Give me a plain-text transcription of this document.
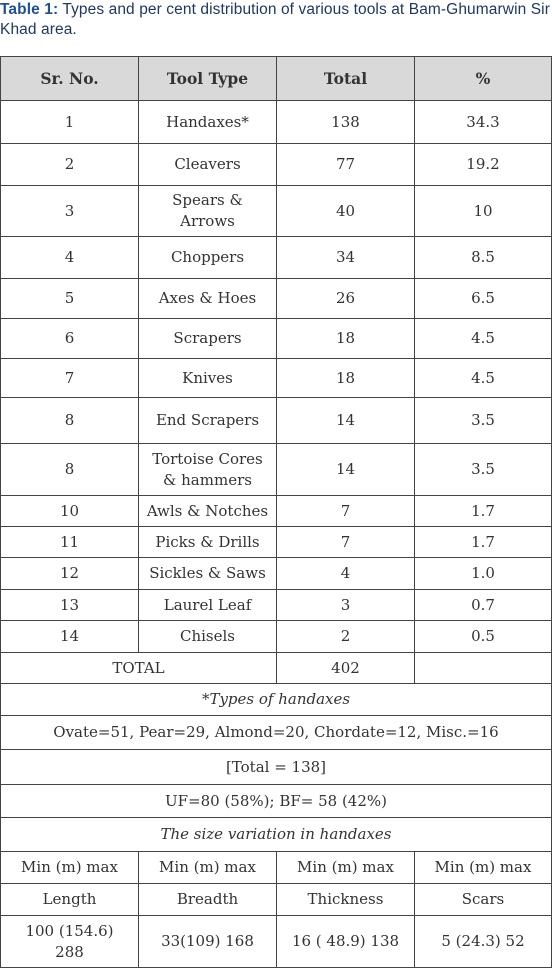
Table 1: Types and per cent distribution of various tools at Bam-Ghumarwin Sir Khad area.
Sr. No.	Tool Type	Total	%
1	Handaxes*	138	34.3
2	Cleavers	77	19.2
3	Spears & Arrows	40	10
4	Choppers	34	8.5
5	Axes & Hoes	26	6.5
6	Scrapers	18	4.5
7	Knives	18	4.5
8	End Scrapers	14	3.5
8	Tortoise Cores & hammers	14	3.5
10	Awls & Notches	7	1.7
11	Picks & Drills	7	1.7
12	Sickles & Saws	4	1.0
13	Laurel Leaf	3	0.7
14	Chisels	2	0.5
TOTAL		402	
*Types of handaxes			
Ovate=51, Pear=29, Almond=20, Chordate=12, Misc.=16			
[Total = 138]			
UF=80 (58%); BF= 58 (42%)			
The size variation in handaxes			
Min (m) max	Min (m) max	Min (m) max	Min (m) max
Length	Breadth	Thickness	Scars
100 (154.6) 288	33(109) 168	16 ( 48.9) 138	5 (24.3) 52
